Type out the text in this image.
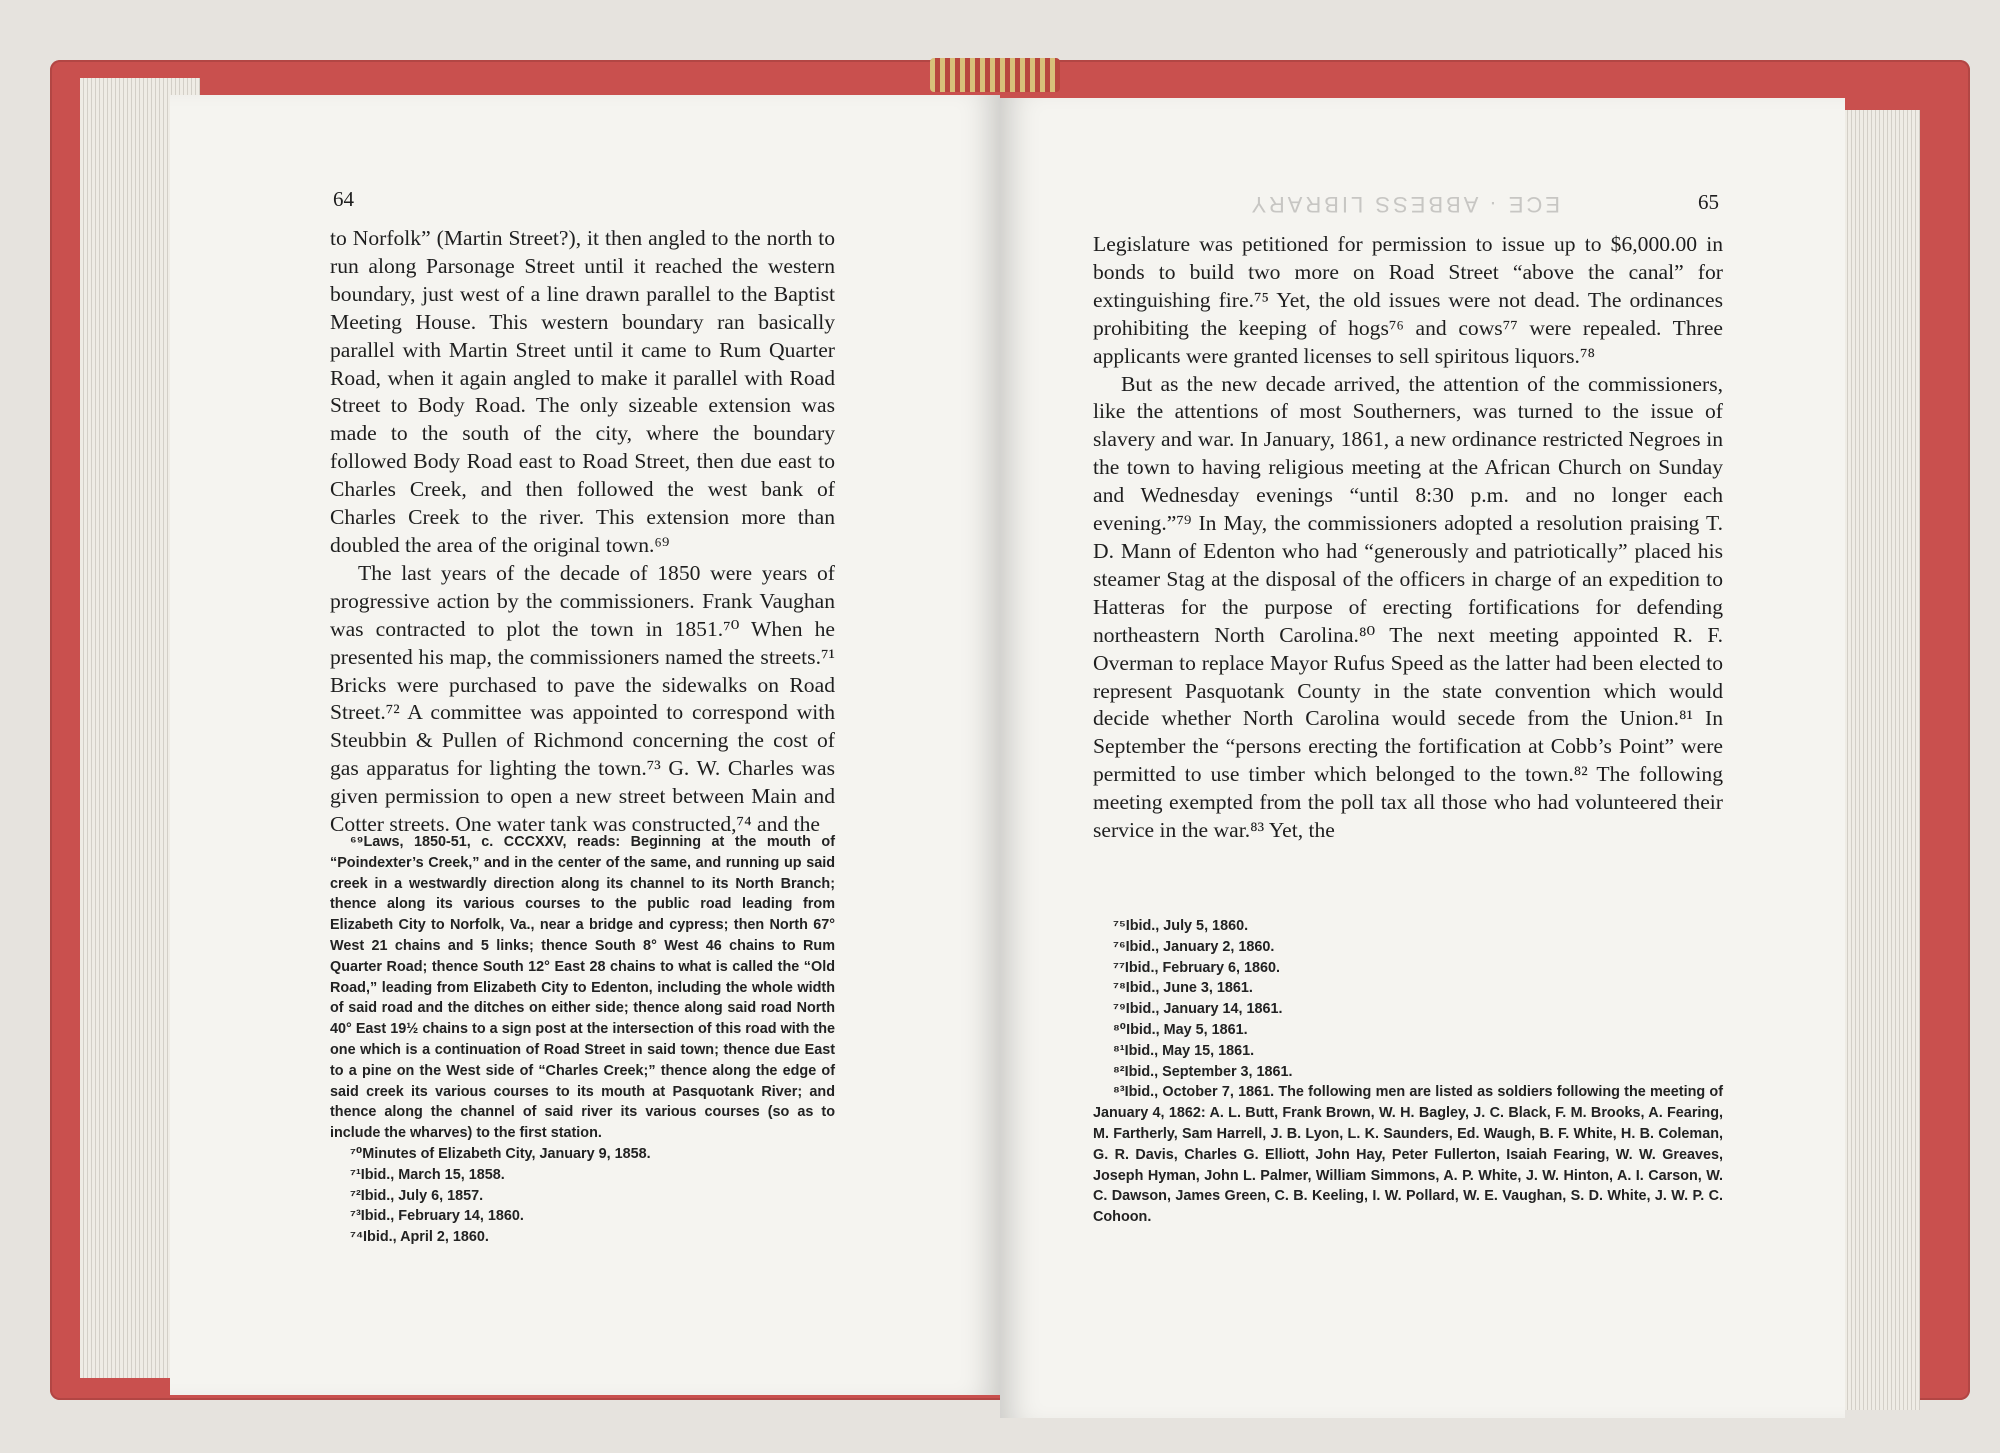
64

to Norfolk” (Martin Street?), it then angled to the north to run along Parsonage Street until it reached the western boundary, just west of a line drawn parallel to the Baptist Meeting House. This western boundary ran basically parallel with Martin Street until it came to Rum Quarter Road, when it again angled to make it parallel with Road Street to Body Road. The only sizeable extension was made to the south of the city, where the boundary followed Body Road east to Road Street, then due east to Charles Creek, and then followed the west bank of Charles Creek to the river. This extension more than doubled the area of the original town.⁶⁹

The last years of the decade of 1850 were years of progressive action by the commissioners. Frank Vaughan was contracted to plot the town in 1851.⁷⁰ When he presented his map, the commissioners named the streets.⁷¹ Bricks were purchased to pave the sidewalks on Road Street.⁷² A committee was appointed to correspond with Steubbin & Pullen of Richmond concerning the cost of gas apparatus for lighting the town.⁷³ G. W. Charles was given permission to open a new street between Main and Cotter streets. One water tank was constructed,⁷⁴ and the

⁶⁹Laws, 1850-51, c. CCCXXV, reads: Beginning at the mouth of “Poindexter’s Creek,” and in the center of the same, and running up said creek in a westwardly direction along its channel to its North Branch; thence along its various courses to the public road leading from Elizabeth City to Norfolk, Va., near a bridge and cypress; then North 67° West 21 chains and 5 links; thence South 8° West 46 chains to Rum Quarter Road; thence South 12° East 28 chains to what is called the “Old Road,” leading from Elizabeth City to Edenton, including the whole width of said road and the ditches on either side; thence along said road North 40° East 19½ chains to a sign post at the intersection of this road with the one which is a continuation of Road Street in said town; thence due East to a pine on the West side of “Charles Creek;” thence along the edge of said creek its various courses to its mouth at Pasquotank River; and thence along the channel of said river its various courses (so as to include the wharves) to the first station.

⁷⁰Minutes of Elizabeth City, January 9, 1858.

⁷¹Ibid., March 15, 1858.

⁷²Ibid., July 6, 1857.

⁷³Ibid., February 14, 1860.

⁷⁴Ibid., April 2, 1860.

ECE · ABBESS LIBRARY	65

Legislature was petitioned for permission to issue up to $6,000.00 in bonds to build two more on Road Street “above the canal” for extinguishing fire.⁷⁵ Yet, the old issues were not dead. The ordinances prohibiting the keeping of hogs⁷⁶ and cows⁷⁷ were repealed. Three applicants were granted licenses to sell spiritous liquors.⁷⁸

But as the new decade arrived, the attention of the commissioners, like the attentions of most Southerners, was turned to the issue of slavery and war. In January, 1861, a new ordinance restricted Negroes in the town to having religious meeting at the African Church on Sunday and Wednesday evenings “until 8:30 p.m. and no longer each evening.”⁷⁹ In May, the commissioners adopted a resolution praising T. D. Mann of Edenton who had “generously and patriotically” placed his steamer Stag at the disposal of the officers in charge of an expedition to Hatteras for the purpose of erecting fortifications for defending northeastern North Carolina.⁸⁰ The next meeting appointed R. F. Overman to replace Mayor Rufus Speed as the latter had been elected to represent Pasquotank County in the state convention which would decide whether North Carolina would secede from the Union.⁸¹ In September the “persons erecting the fortification at Cobb’s Point” were permitted to use timber which belonged to the town.⁸² The following meeting exempted from the poll tax all those who had volunteered their service in the war.⁸³ Yet, the

⁷⁵Ibid., July 5, 1860.

⁷⁶Ibid., January 2, 1860.

⁷⁷Ibid., February 6, 1860.

⁷⁸Ibid., June 3, 1861.

⁷⁹Ibid., January 14, 1861.

⁸⁰Ibid., May 5, 1861.

⁸¹Ibid., May 15, 1861.

⁸²Ibid., September 3, 1861.

⁸³Ibid., October 7, 1861. The following men are listed as soldiers following the meeting of January 4, 1862: A. L. Butt, Frank Brown, W. H. Bagley, J. C. Black, F. M. Brooks, A. Fearing, M. Fartherly, Sam Harrell, J. B. Lyon, L. K. Saunders, Ed. Waugh, B. F. White, H. B. Coleman, G. R. Davis, Charles G. Elliott, John Hay, Peter Fullerton, Isaiah Fearing, W. W. Greaves, Joseph Hyman, John L. Palmer, William Simmons, A. P. White, J. W. Hinton, A. I. Carson, W. C. Dawson, James Green, C. B. Keeling, I. W. Pollard, W. E. Vaughan, S. D. White, J. W. P. C. Cohoon.
